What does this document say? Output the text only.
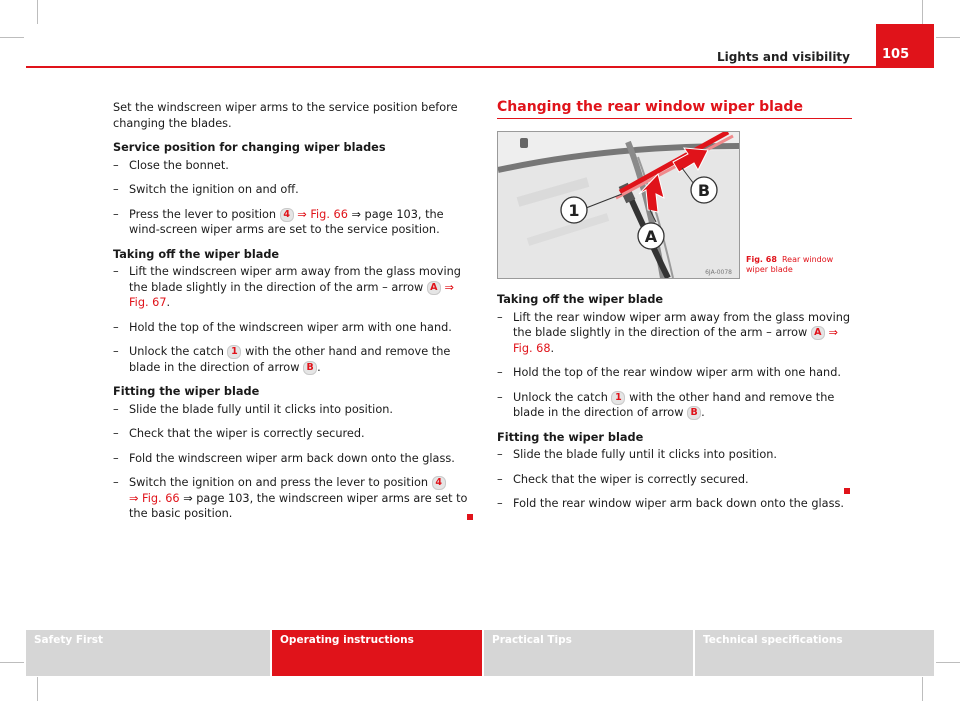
Lights and visibility 105

Set the windscreen wiper arms to the service position before changing the blades.

Service position for changing wiper blades

– Close the bonnet.
– Switch the ignition on and off.
– Press the lever to position 4 ⇒ Fig. 66 ⇒ page 103, the wind-screen wiper arms are set to the service position.

Taking off the wiper blade

– Lift the windscreen wiper arm away from the glass moving the blade slightly in the direction of the arm – arrow A ⇒ Fig. 67.
– Hold the top of the windscreen wiper arm with one hand.
– Unlock the catch 1 with the other hand and remove the blade in the direction of arrow B .

Fitting the wiper blade

– Slide the blade fully until it clicks into position.
– Check that the wiper is correctly secured.
– Fold the windscreen wiper arm back down onto the glass.
– Switch the ignition on and press the lever to position 4
⇒ Fig. 66 ⇒ page 103, the windscreen wiper arms are set to the basic position.
Changing the rear window wiper blade
1
A
B
6JA-0078
Fig. 68 Rear window wiper blade

Taking off the wiper blade

– Lift the rear window wiper arm away from the glass moving the blade slightly in the direction of the arm – arrow A ⇒ Fig. 68.
– Hold the top of the rear window wiper arm with one hand.
– Unlock the catch 1 with the other hand and remove the blade in the direction of arrow B .

Fitting the wiper blade

– Slide the blade fully until it clicks into position.
– Check that the wiper is correctly secured.
– Fold the rear window wiper arm back down onto the glass.
Safety First	Operating instructions	Practical Tips	Technical specifications
